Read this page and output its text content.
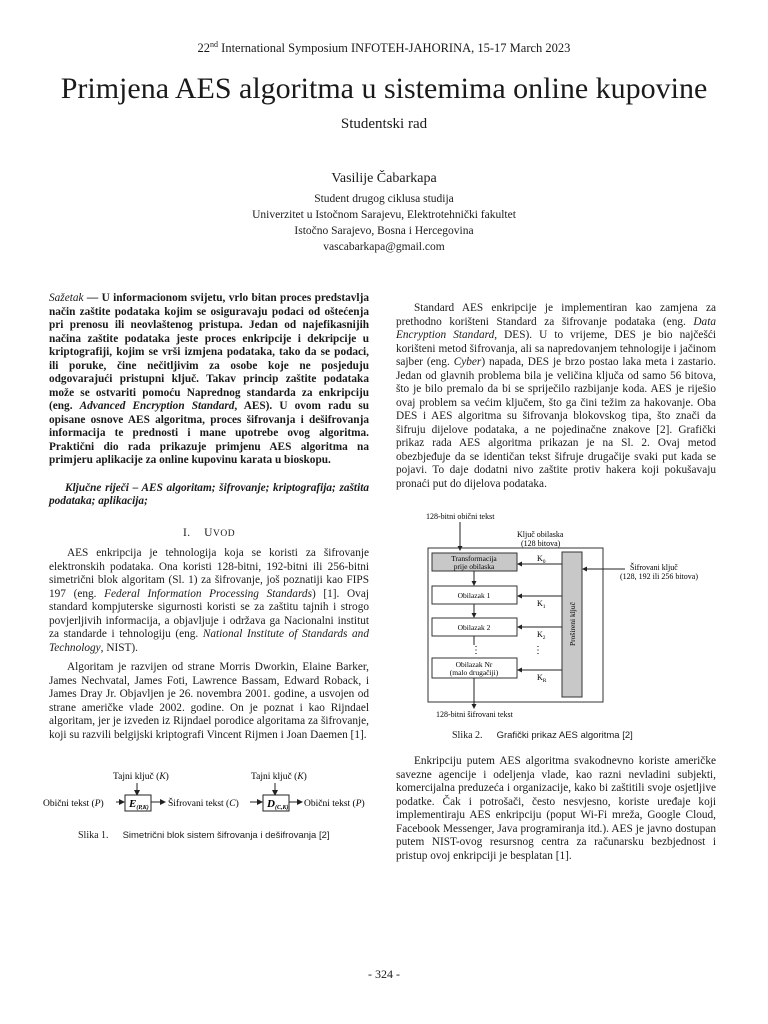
22nd International Symposium INFOTEH-JAHORINA, 15-17 March 2023
Primjena AES algoritma u sistemima online kupovine
Studentski rad
Vasilije Čabarkapa
Student drugog ciklusa studija
Univerzitet u Istočnom Sarajevu, Elektrotehnički fakultet
Istočno Sarajevo, Bosna i Hercegovina
vascabarkapa@gmail.com

Sažetak — U informacionom svijetu, vrlo bitan proces predstavlja način zaštite podataka kojim se osiguravaju podaci od oštećenja pri prenosu ili neovlaštenog pristupa. Jedan od najefikasnijih načina zaštite podataka jeste proces enkripcije i dekripcije u kriptografiji, kojim se vrši izmjena podataka, tako da se podaci, ili poruke, čine nečitljivim za osobe koje ne posjeduju odgovarajući pristupni ključ. Takav princip zaštite podataka može se ostvariti pomoću Naprednog standarda za enkripciju (eng. Advanced Encryption Standard, AES). U ovom radu su opisane osnove AES algoritma, proces šifrovanja i dešifrovanja informacija te prednosti i mane upotrebe ovog algoritma. Praktični dio rada prikazuje primjenu AES algoritma na primjeru aplikacije za online kupovinu karata u bioskopu.

Ključne riječi – AES algoritam; šifrovanje; kriptografija; zaštita podataka; aplikacija;

I. UVOD

AES enkripcija je tehnologija koja se koristi za šifrovanje elektronskih podataka. Ona koristi 128-bitni, 192-bitni ili 256-bitni simetrični blok algoritam (Sl. 1) za šifrovanje, još poznatiji kao FIPS 197 (eng. Federal Information Processing Standards) [1]. Ovaj standard kompjuterske sigurnosti koristi se za zaštitu tajnih i strogo povjerljivih informacija, a objavljuje i održava ga Nacionalni institut za standarde i tehnologiju (eng. National Institute of Standards and Technology, NIST).

Algoritam je razvijen od strane Morris Dworkin, Elaine Barker, James Nechvatal, James Foti, Lawrence Bassam, Edward Roback, i James Dray Jr. Objavljen je 26. novembra 2001. godine, a usvojen od strane američke vlade 2002. godine. On je poznat i kao Rijndael algoritam, jer je izveden iz Rijndael porodice algoritama za šifrovanje, koji su razvili belgijski kriptografi Vincent Rijmen i Joan Daemen [1].

Tajni ključ (K)	Tajni ključ (K)
Obični tekst (P) E(P,K) Šifrovani tekst (C)	D(C,K) Obični tekst (P)
Slika 1. Simetrični blok sistem šifrovanja i dešifrovanja [2]

Standard AES enkripcije je implementiran kao zamjena za prethodno korišteni Standard za šifrovanje podataka (eng. Data Encryption Standard, DES). U to vrijeme, DES je bio najčešći korišteni metod šifrovanja, ali sa napredovanjem tehnologije i jačinom sajber (eng. Cyber) napada, DES je brzo postao laka meta i zastario. Jedan od glavnih problema bila je veličina ključa od samo 56 bitova, što je bilo premalo da bi se spriječilo razbijanje koda. AES je riješio ovaj problem sa većim ključem, što ga čini težim za hakovanje. Oba DES i AES algoritma su šifrovanja blokovskog tipa, što znači da šifruju dijelove podataka, a ne pojedinačne znakove [2]. Grafički prikaz rada AES algoritma prikazan je na Sl. 2. Ovaj metod obezbjeđuje da se identičan tekst šifruje drugačije svaki put kada se pojavi. To daje dodatni nivo zaštite protiv hakera koji pokušavaju pronaći put do dijelova podataka.

128-bitni obični tekst
Ključ obilaska
(128 bitova)
Transformacija
prije obilaska
Obilazak 1
Obilazak 2
Obilazak Nr
(malo drugačiji)
⋮	⋮
Prošireni ključ
$K_0$
$K_1$
$K_2$
$K_R$
Šifrovani ključ
(128, 192 ili 256 bitova)
128-bitni šifrovani tekst
Slika 2. Grafički prikaz AES algoritma [2]

Enkripciju putem AES algoritma svakodnevno koriste američke savezne agencije i odeljenja vlade, kao razni nevladini subjekti, komercijalna preduzeća i organizacije, kako bi zaštitili svoje osjetljive podatke. Čak i potrošači, često nesvjesno, koriste uređaje koji implementiraju AES enkripciju (poput Wi-Fi mreža, Google Cloud, Facebook Messenger, Java programiranja itd.). AES je javno dostupan putem NIST-ovog resursnog centra za računarsku bezbjednost i pristup ovoj enkripciji je besplatan [1].

- 324 -
